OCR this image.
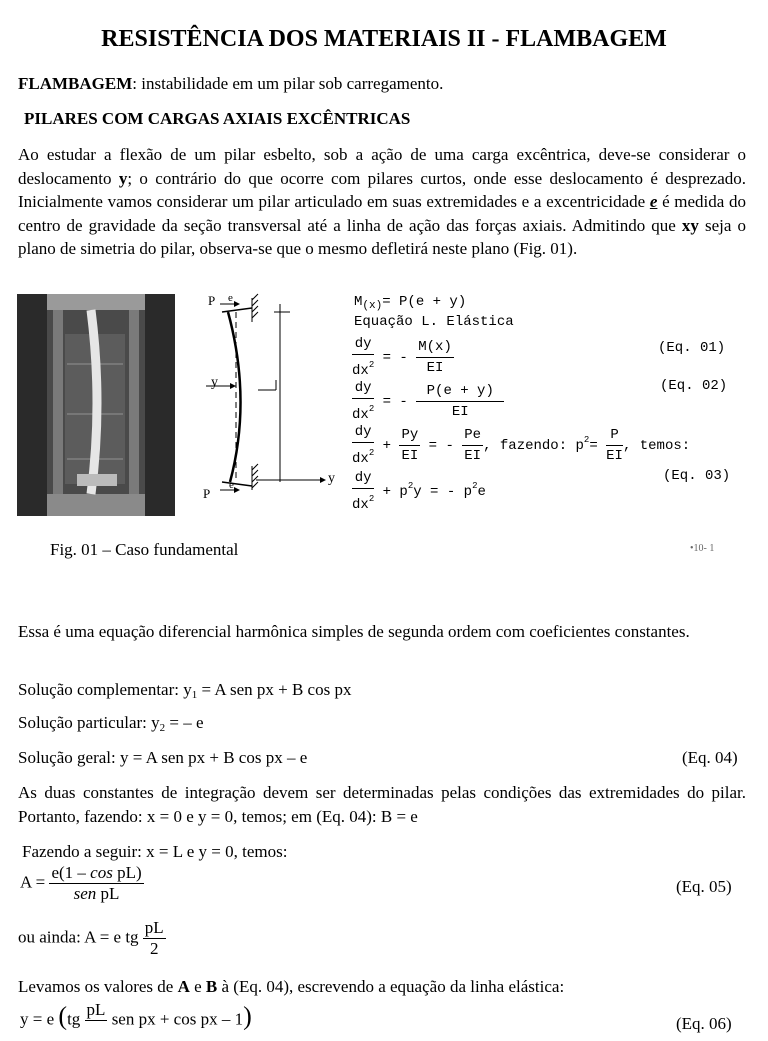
RESISTÊNCIA DOS MATERIAIS II - FLAMBAGEM
FLAMBAGEM: instabilidade em um pilar sob carregamento.
PILARES COM CARGAS AXIAIS EXCÊNTRICAS
Ao estudar a flexão de um pilar esbelto, sob a ação de uma carga excêntrica, deve-se considerar o deslocamento y; o contrário do que ocorre com pilares curtos, onde esse deslocamento é desprezado. Inicialmente vamos considerar um pilar articulado em suas extremidades e a excentricidade e é medida do centro de gravidade da seção transversal até a linha de ação das forças axiais. Admitindo que xy seja o plano de simetria do pilar, observa-se que o mesmo defletirá neste plano (Fig. 01).
P e
y
P
e	y
$M_{(x)}= P(e + y)$
Equação L. Elástica
$\frac{dy}{dx^2}$ = - $\frac{M(x)}{EI}$	(Eq. 01)
$\frac{dy}{dx^2}$ = - $\frac{P(e + y)}{EI}$	(Eq. 02)
$\frac{dy}{dx^2} + \frac{Py}{EI}$ = - $\frac{Pe}{EI}$ , fazendo: $p^2= \frac{P}{EI}$ , temos:
$\frac{dy}{dx^2} + p^2y$ = - $p^2e$
(Eq. 03)
Fig. 01 – Caso fundamental	•10- 1
Essa é uma equação diferencial harmônica simples de segunda ordem com coeficientes constantes.
Solução complementar: $y_1 = A$ sen px + B cos px
Solução particular: $y_2$ = – e
Solução geral: y = A sen px + B cos px – e	(Eq. 04)
As duas constantes de integração devem ser determinadas pelas condições das extremidades do pilar. Portanto, fazendo: x = 0 e y = 0, temos; em (Eq. 04): B = e
Fazendo a seguir: x = L e y = 0, temos:
$A = \frac{\text{e(1 – cos pL)}}{\text{sen pL}}$	(Eq. 05)
ou ainda: A = e tg $\frac{pL}{2}$
Levamos os valores de A e B à (Eq. 04), escrevendo a equação da linha elástica:
y = e (tg pL
sen px + cos px – 1)	(Eq. 06)
